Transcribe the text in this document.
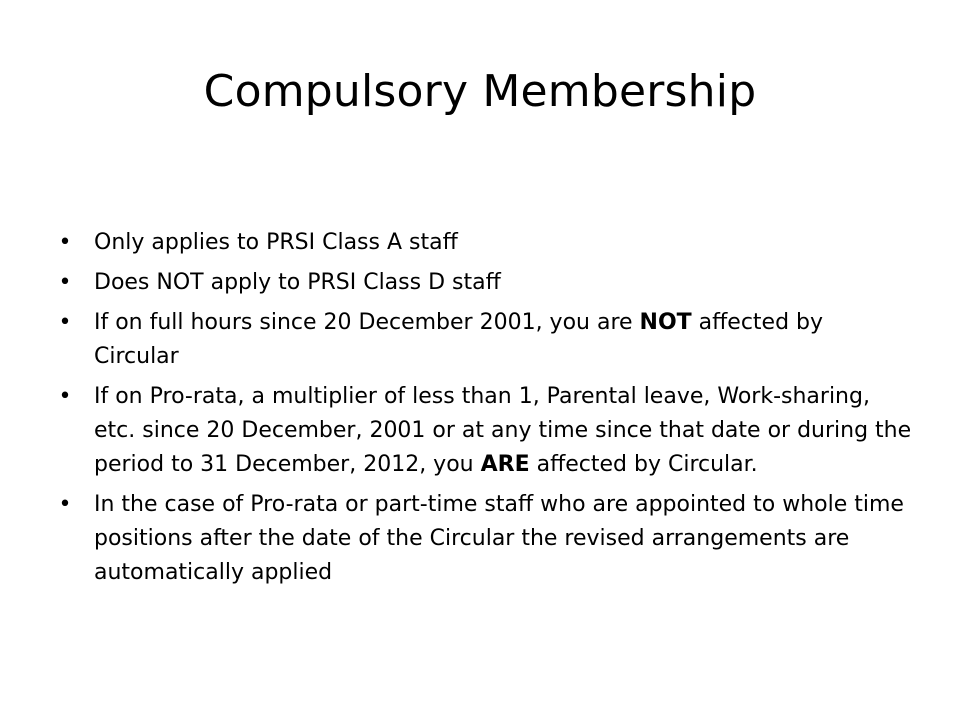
Compulsory Membership
• Only applies to PRSI Class A staff
• Does NOT apply to PRSI Class D staff
• If on full hours since 20 December 2001, you are NOT affected by Circular
• If on Pro-rata, a multiplier of less than 1, Parental leave, Work-sharing, etc. since 20 December, 2001 or at any time since that date or during the period to 31 December, 2012, you ARE affected by Circular.
• In the case of Pro-rata or part-time staff who are appointed to whole time positions after the date of the Circular the revised arrangements are automatically applied
